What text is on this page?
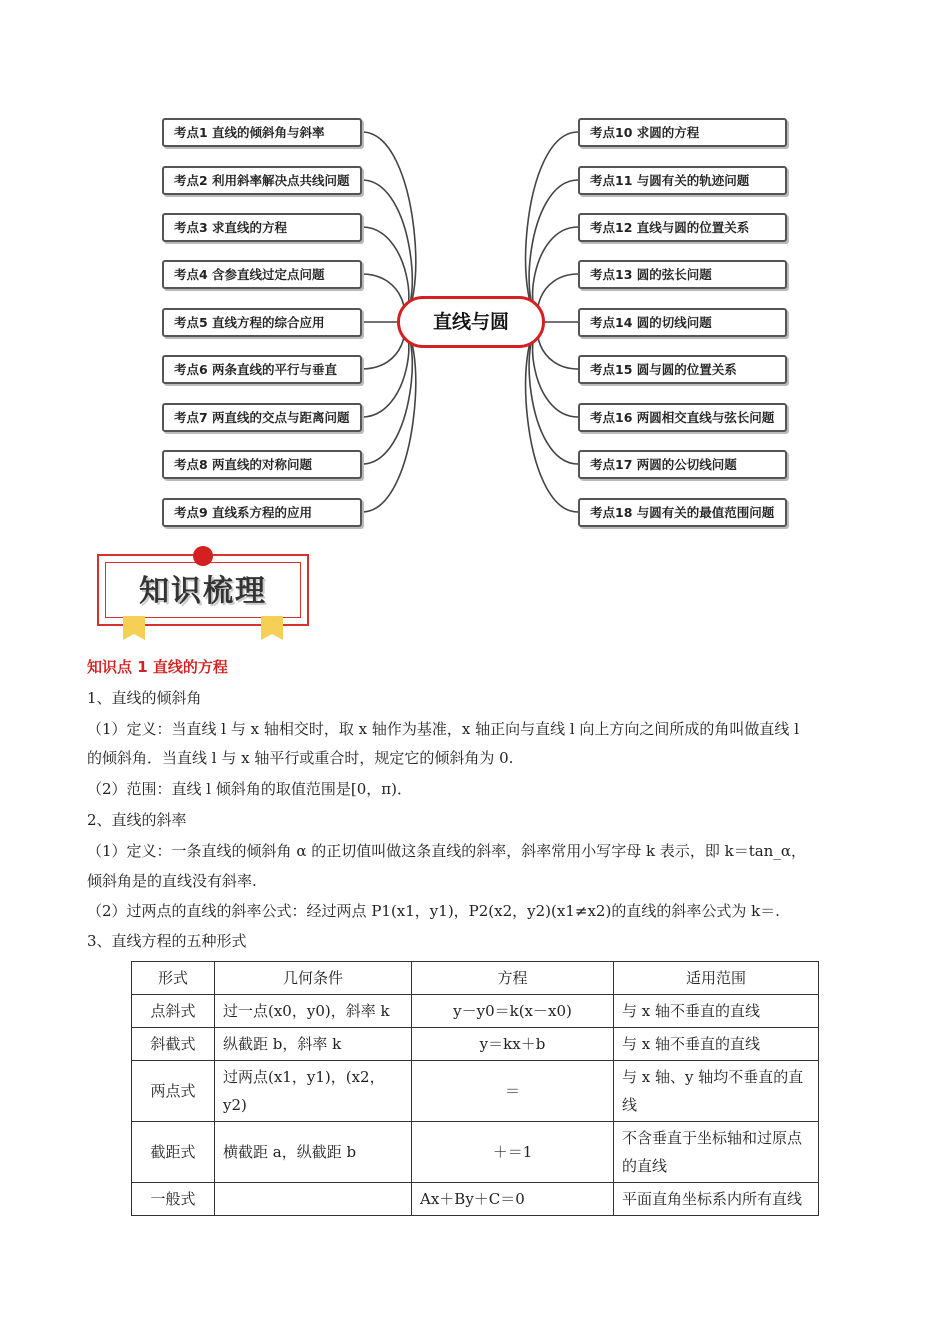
直线与圆
考点1 直线的倾斜角与斜率
考点2 利用斜率解决点共线问题
考点3 求直线的方程
考点4 含参直线过定点问题
考点5 直线方程的综合应用
考点6 两条直线的平行与垂直
考点7 两直线的交点与距离问题
考点8 两直线的对称问题
考点9 直线系方程的应用
考点10 求圆的方程
考点11 与圆有关的轨迹问题
考点12 直线与圆的位置关系
考点13 圆的弦长问题
考点14 圆的切线问题
考点15 圆与圆的位置关系
考点16 两圆相交直线与弦长问题
考点17 两圆的公切线问题
考点18 与圆有关的最值范围问题
知识梳理
知识点 1 直线的方程
1、直线的倾斜角
（1）定义：当直线 l 与 x 轴相交时，取 x 轴作为基准，x 轴正向与直线 l 向上方向之间所成的角叫做直线 l
的倾斜角．当直线 l 与 x 轴平行或重合时，规定它的倾斜角为 0.
（2）范围：直线 l 倾斜角的取值范围是[0，π)．
2、直线的斜率
（1）定义：一条直线的倾斜角 α 的正切值叫做这条直线的斜率，斜率常用小写字母 k 表示，即 k＝tan_α，
倾斜角是的直线没有斜率.
（2）过两点的直线的斜率公式：经过两点 P1(x1，y1)，P2(x2，y2)(x1≠x2)的直线的斜率公式为 k＝.
3、直线方程的五种形式
形式	几何条件	方程	适用范围
点斜式	过一点(x0，y0)，斜率 k	y－y0＝k(x－x0)	与 x 轴不垂直的直线
斜截式	纵截距 b，斜率 k	y＝kx＋b	与 x 轴不垂直的直线
两点式	过两点(x1，y1)，(x2，y2)	＝	与 x 轴、y 轴均不垂直的直线
截距式	横截距 a，纵截距 b	＋＝1	不含垂直于坐标轴和过原点的直线
一般式		Ax＋By＋C＝0	平面直角坐标系内所有直线
